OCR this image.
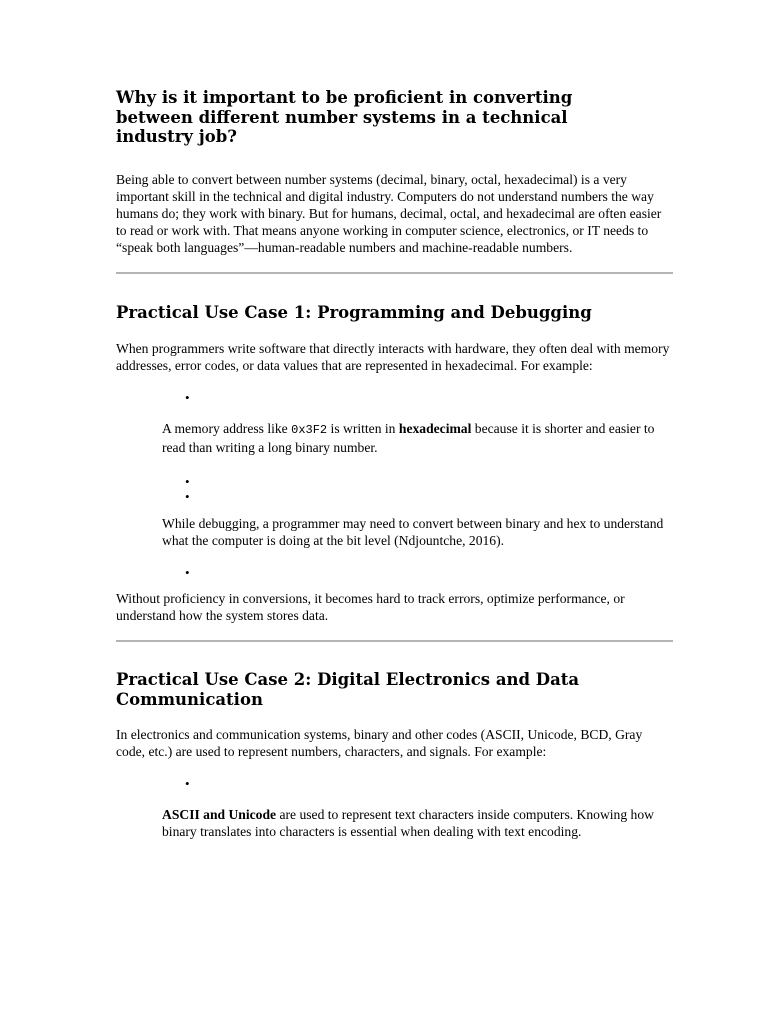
Why is it important to be proficient in converting between different number systems in a technical industry job?

Being able to convert between number systems (decimal, binary, octal, hexadecimal) is a very important skill in the technical and digital industry. Computers do not understand numbers the way humans do; they work with binary. But for humans, decimal, octal, and hexadecimal are often easier to read or work with. That means anyone working in computer science, electronics, or IT needs to “speak both languages”—human-readable numbers and machine-readable numbers.

Practical Use Case 1: Programming and Debugging

When programmers write software that directly interacts with hardware, they often deal with memory addresses, error codes, or data values that are represented in hexadecimal. For example:

•

A memory address like 0x3F2 is written in hexadecimal because it is shorter and easier to read than writing a long binary number.

•
•

While debugging, a programmer may need to convert between binary and hex to understand what the computer is doing at the bit level (Ndjountche, 2016).

•

Without proficiency in conversions, it becomes hard to track errors, optimize performance, or understand how the system stores data.

Practical Use Case 2: Digital Electronics and Data Communication

In electronics and communication systems, binary and other codes (ASCII, Unicode, BCD, Gray code, etc.) are used to represent numbers, characters, and signals. For example:

•

ASCII and Unicode are used to represent text characters inside computers. Knowing how binary translates into characters is essential when dealing with text encoding.
